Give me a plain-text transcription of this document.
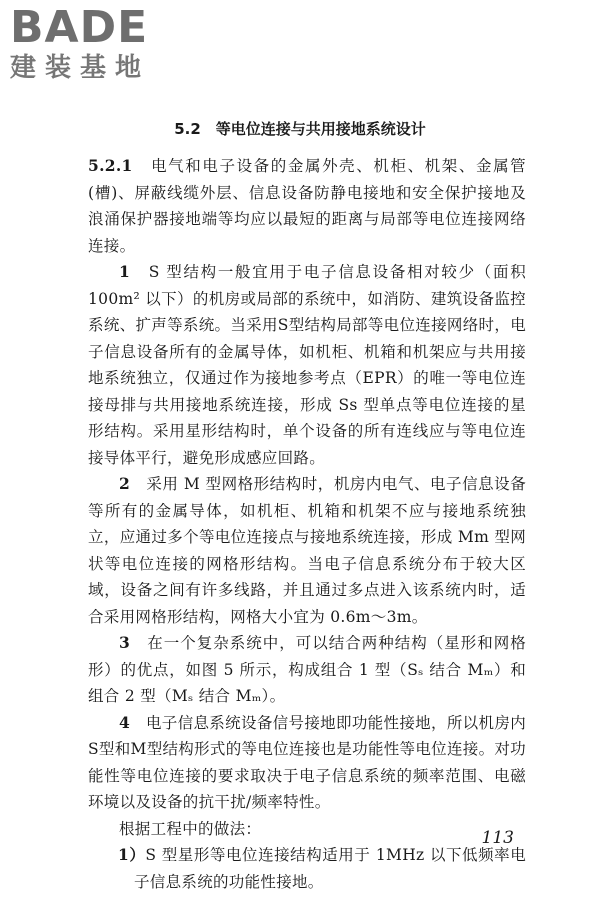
BADE
建装基地
5.2　等电位连接与共用接地系统设计

5.2.1　 电气和电子设备的金属外壳、机柜、机架、金属管(槽)、屏蔽线缆外层、信息设备防静电接地和安全保护接地及浪涌保护器接地端等均应以最短的距离与局部等电位连接网络连接。

1　 S 型结构一般宜用于电子信息设备相对较少（面积100m² 以下）的机房或局部的系统中，如消防、建筑设备监控系统、扩声等系统。当采用S型结构局部等电位连接网络时，电子信息设备所有的金属导体，如机柜、机箱和机架应与共用接地系统独立，仅通过作为接地参考点（EPR）的唯一等电位连接母排与共用接地系统连接，形成 Ss 型单点等电位连接的星形结构。采用星形结构时，单个设备的所有连线应与等电位连接导体平行，避免形成感应回路。

2　 采用 M 型网格形结构时，机房内电气、电子信息设备等所有的金属导体，如机柜、机箱和机架不应与接地系统独立，应通过多个等电位连接点与接地系统连接，形成 Mm 型网状等电位连接的网格形结构。当电子信息系统分布于较大区域，设备之间有许多线路，并且通过多点进入该系统内时，适合采用网格形结构，网格大小宜为 0.6m～3m。

3　 在一个复杂系统中，可以结合两种结构（星形和网格形）的优点，如图 5 所示，构成组合 1 型（Sₛ 结合 Mₘ）和组合 2 型（Mₛ 结合 Mₘ）。

4　 电子信息系统设备信号接地即功能性接地，所以机房内S型和M型结构形式的等电位连接也是功能性等电位连接。对功能性等电位连接的要求取决于电子信息系统的频率范围、电磁环境以及设备的抗干扰/频率特性。

根据工程中的做法：

1）S 型星形等电位连接结构适用于 1MHz 以下低频率电子信息系统的功能性接地。

113
